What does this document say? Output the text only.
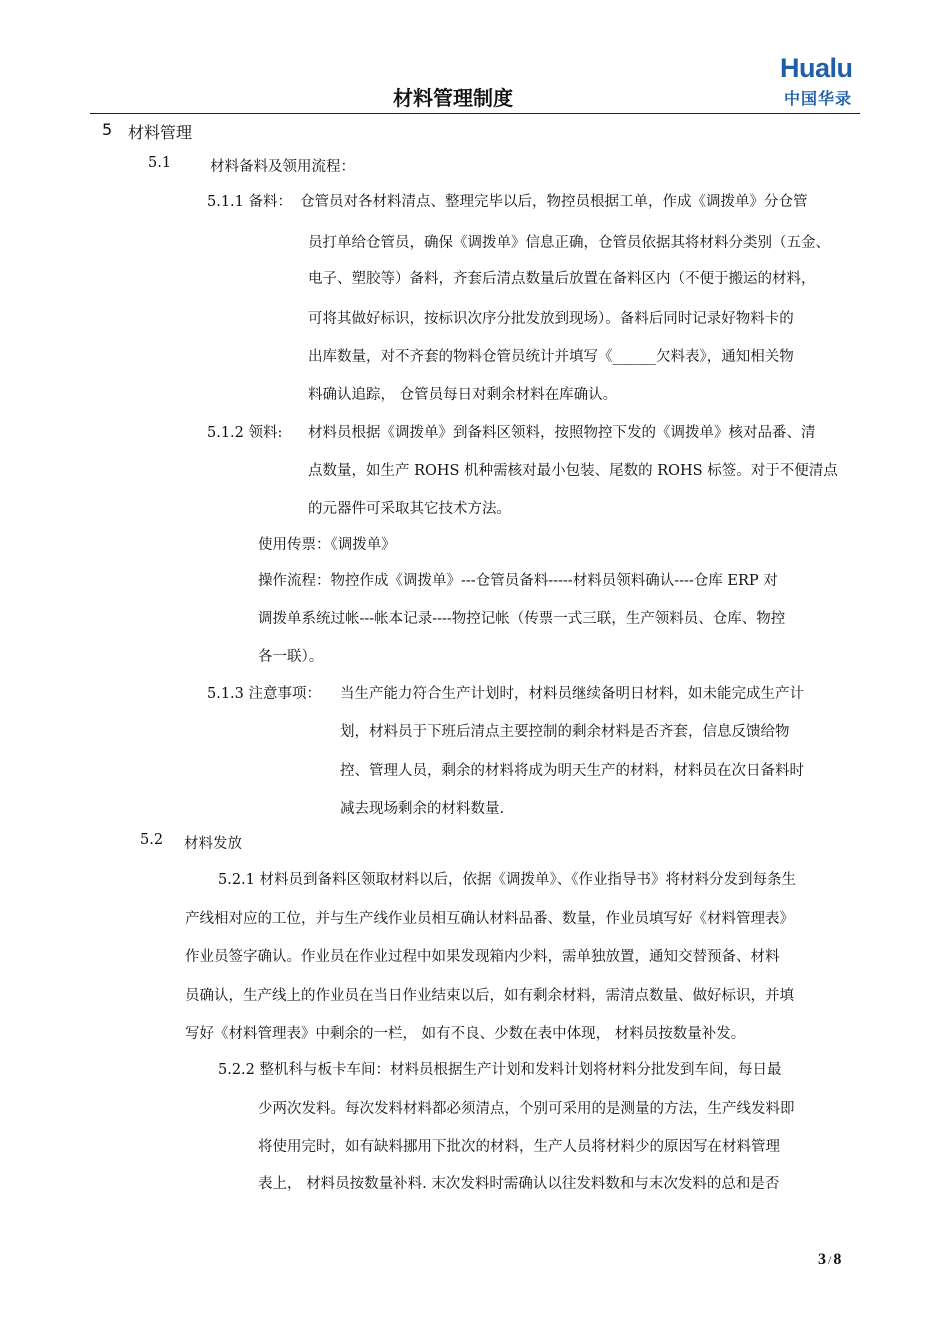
Hualu
中国华录
材料管理制度
5 材料管理
5.1	材料备料及领用流程：
5.1.1 备料： 仓管员对各材料清点、整理完毕以后，物控员根据工单，作成《调拨单》分仓管
员打单给仓管员，确保《调拨单》信息正确，仓管员依据其将材料分类别（五金、
电子、塑胶等）备料，齐套后清点数量后放置在备料区内（不便于搬运的材料，
可将其做好标识，按标识次序分批发放到现场）。备料后同时记录好物料卡的
出库数量，对不齐套的物料仓管员统计并填写《______欠料表》，通知相关物
料确认追踪， 仓管员每日对剩余材料在库确认。
5.1.2 领料: 材料员根据《调拨单》到备料区领料，按照物控下发的《调拨单》核对品番、清
点数量，如生产 ROHS 机种需核对最小包装、尾数的 ROHS 标签。对于不便清点
的元器件可采取其它技术方法。
使用传票：《调拨单》
操作流程：物控作成《调拨单》---仓管员备料-----材料员领料确认----仓库 ERP 对
调拨单系统过帐---帐本记录----物控记帐（传票一式三联，生产领料员、仓库、物控
各一联）。
5.1.3 注意事项： 当生产能力符合生产计划时，材料员继续备明日材料，如未能完成生产计
划，材料员于下班后清点主要控制的剩余材料是否齐套，信息反馈给物
控、管理人员，剩余的材料将成为明天生产的材料，材料员在次日备料时
减去现场剩余的材料数量.
5.2 材料发放
5.2.1 材料员到备料区领取材料以后，依据《调拨单》、《作业指导书》将材料分发到每条生
产线相对应的工位，并与生产线作业员相互确认材料品番、数量，作业员填写好《材料管理表》
作业员签字确认。作业员在作业过程中如果发现箱内少料，需单独放置，通知交替预备、材料
员确认，生产线上的作业员在当日作业结束以后，如有剩余材料，需清点数量、做好标识，并填
写好《材料管理表》中剩余的一栏， 如有不良、少数在表中体现， 材料员按数量补发。
5.2.2 整机科与板卡车间：材料员根据生产计划和发料计划将材料分批发到车间，每日最
少两次发料。每次发料材料都必须清点，个别可采用的是测量的方法，生产线发料即
将使用完时，如有缺料挪用下批次的材料，生产人员将材料少的原因写在材料管理
表上， 材料员按数量补料. 末次发料时需确认以往发料数和与末次发料的总和是否
3 / 8
